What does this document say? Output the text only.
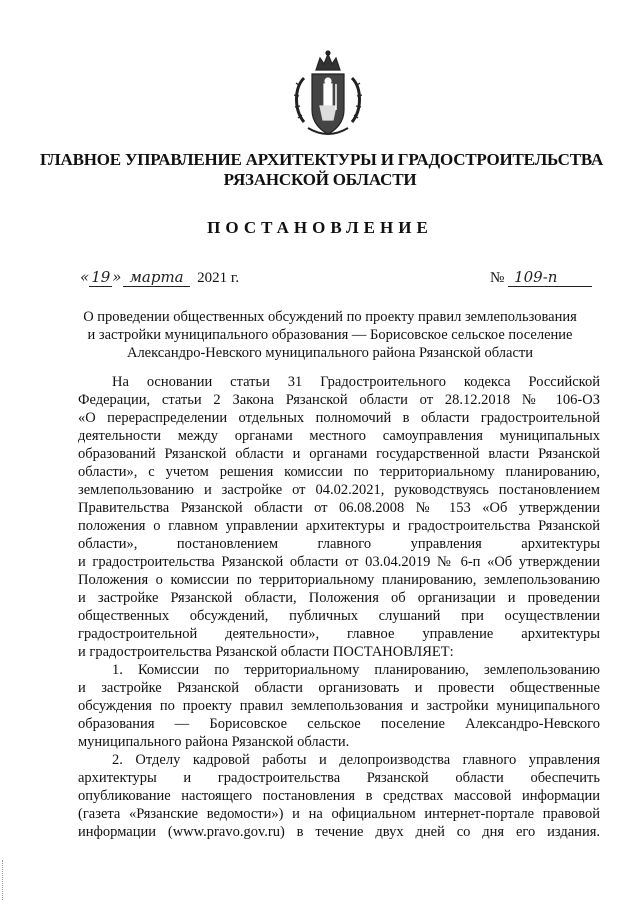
ГЛАВНОЕ УПРАВЛЕНИЕ АРХИТЕКТУРЫ И ГРАДОСТРОИТЕЛЬСТВА
РЯЗАНСКОЙ ОБЛАСТИ
ПОСТАНОВЛЕНИЕ
« 19 » марта 2021 г.	№ 109-п
О проведении общественных обсуждений по проекту правил землепользования
и застройки муниципального образования — Борисовское сельское поселение
Александро-Невского муниципального района Рязанской области
На основании статьи 31 Градостроительного кодекса Российской
Федерации, статьи 2 Закона Рязанской области от 28.12.2018 № 106-ОЗ
«О перераспределении отдельных полномочий в области градостроительной
деятельности между органами местного самоуправления муниципальных
образований Рязанской области и органами государственной власти Рязанской
области», с учетом решения комиссии по территориальному планированию,
землепользованию и застройке от 04.02.2021, руководствуясь постановлением
Правительства Рязанской области от 06.08.2008 № 153 «Об утверждении
положения о главном управлении архитектуры и градостроительства Рязанской
области», постановлением главного управления архитектуры
и градостроительства Рязанской области от 03.04.2019 № 6-п «Об утверждении
Положения о комиссии по территориальному планированию, землепользованию
и застройке Рязанской области, Положения об организации и проведении
общественных обсуждений, публичных слушаний при осуществлении
градостроительной деятельности», главное управление архитектуры
и градостроительства Рязанской области ПОСТАНОВЛЯЕТ:
1. Комиссии по территориальному планированию, землепользованию
и застройке Рязанской области организовать и провести общественные
обсуждения по проекту правил землепользования и застройки муниципального
образования — Борисовское сельское поселение Александро-Невского
муниципального района Рязанской области.
2. Отделу кадровой работы и делопроизводства главного управления
архитектуры и градостроительства Рязанской области обеспечить
опубликование настоящего постановления в средствах массовой информации
(газета «Рязанские ведомости») и на официальном интернет-портале правовой
информации (www.pravo.gov.ru) в течение двух дней со дня его издания.
